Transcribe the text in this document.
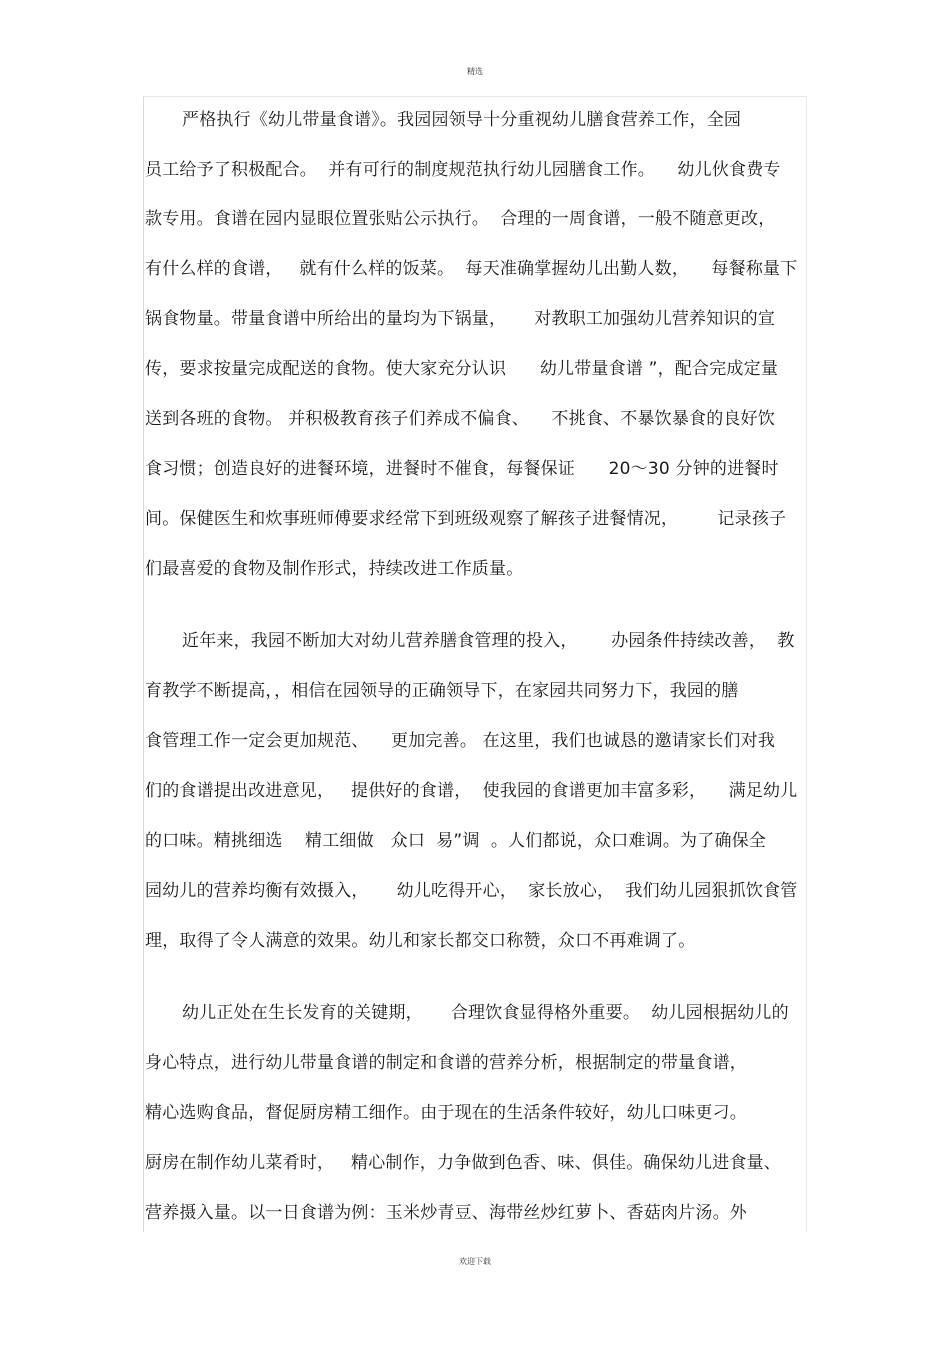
精选
严格执行《幼儿带量食谱》。我园园领导十分重视幼儿膳食营养工作，全园
员工给予了积极配合。  并有可行的制度规范执行幼儿园膳食工作。    幼儿伙食费专
款专用。食谱在园内显眼位置张贴公示执行。  合理的一周食谱，一般不随意更改，
有什么样的食谱，   就有什么样的饭菜。  每天准确掌握幼儿出勤人数，    每餐称量下
锅食物量。带量食谱中所给出的量均为下锅量，     对教职工加强幼儿营养知识的宣
传，要求按量完成配送的食物。使大家充分认识      幼儿带量食谱 ”，配合完成定量
送到各班的食物。 并积极教育孩子们养成不偏食、    不挑食、不暴饮暴食的良好饮
食习惯；创造良好的进餐环境，进餐时不催食，每餐保证      20～30 分钟的进餐时
间。保健医生和炊事班师傅要求经常下到班级观察了解孩子进餐情况，       记录孩子
们最喜爱的食物及制作形式，持续改进工作质量。
近年来，我园不断加大对幼儿营养膳食管理的投入，      办园条件持续改善，  教
育教学不断提高，，相信在园领导的正确领导下，在家园共同努力下，我园的膳
食管理工作一定会更加规范、    更加完善。 在这里，我们也诚恳的邀请家长们对我
们的食谱提出改进意见，   提供好的食谱，  使我园的食谱更加丰富多彩，    满足幼儿
的口味。精挑细选    精工细做   众口  易”调  。人们都说，众口难调。为了确保全
园幼儿的营养均衡有效摄入，     幼儿吃得开心，  家长放心，  我们幼儿园狠抓饮食管
理，取得了令人满意的效果。幼儿和家长都交口称赞，众口不再难调了。
幼儿正处在生长发育的关键期，     合理饮食显得格外重要。  幼儿园根据幼儿的
身心特点，进行幼儿带量食谱的制定和食谱的营养分析，根据制定的带量食谱，
精心选购食品，督促厨房精工细作。由于现在的生活条件较好，幼儿口味更刁。
厨房在制作幼儿菜肴时，   精心制作，力争做到色香、味、俱佳。确保幼儿进食量、
营养摄入量。以一日食谱为例：玉米炒青豆、海带丝炒红萝卜、香菇肉片汤。外
欢迎下载
